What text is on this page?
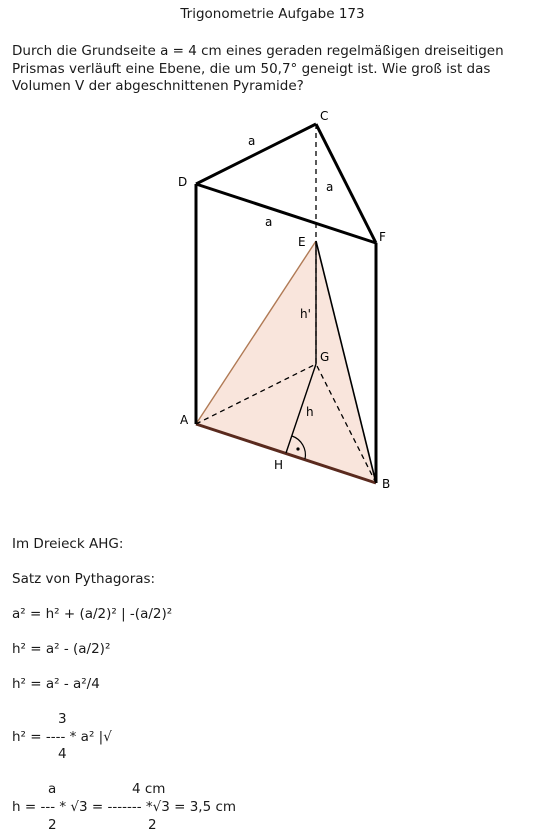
Trigonometrie Aufgabe 173
Durch die Grundseite a = 4 cm eines geraden regelmäßigen dreiseitigen
Prismas verläuft eine Ebene, die um 50,7° geneigt ist. Wie groß ist das
Volumen V der abgeschnittenen Pyramide?
C
D
E	F
G
A
H
B
a
a
a
h'
h
Im Dreieck AHG:
Satz von Pythagoras:
a² = h² + (a/2)² | -(a/2)²
h² = a² - (a/2)²
h² = a² - a²/4
3
h² = ---- * a² |√
4
a	4 cm
h = --- * √3 = ------- *√3 = 3,5 cm
2	2
